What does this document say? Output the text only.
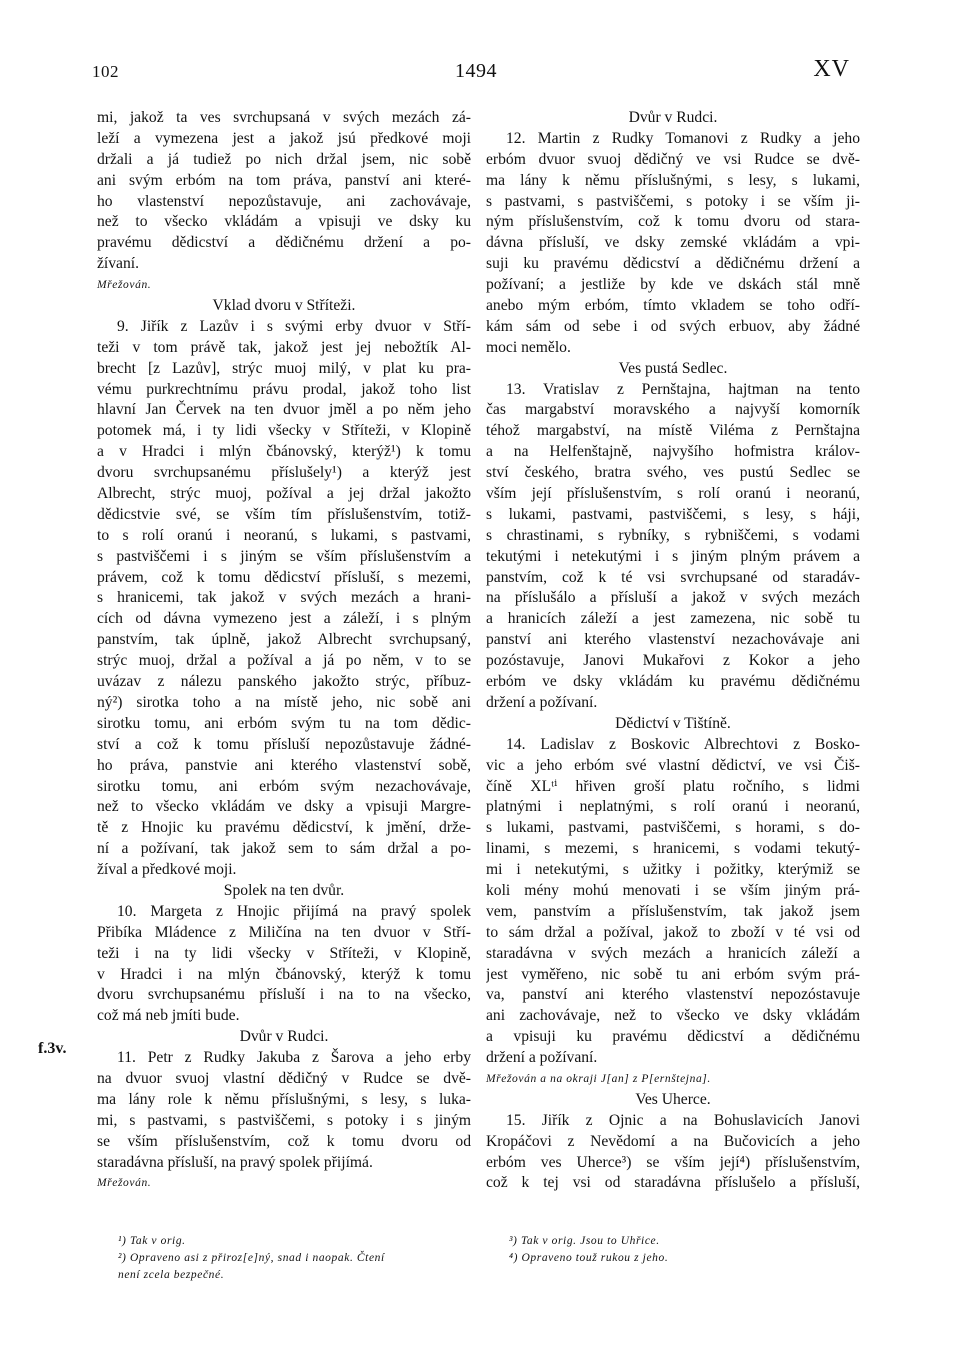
102	1494	XV
mi, jakož ta ves svrchupsaná v svých mezách zá-
leží a vymezena jest a jakož jsú předkové moji
držali a já tudiež po nich držal jsem, nic sobě
ani svým erbóm na tom práva, panství ani které-
ho vlastenství nepozůstavuje, ani zachovávaje,
než to všecko vkládám a vpisuji ve dsky ku
pravému dědicství a dědičnému držení a po-
žívaní.
Mřežován.
Vklad dvoru v Stříteži.
9. Jiřík z Lazův i s svými erby dvuor v Stří-
teži v tom právě tak, jakož jest jej nebožtík Al-
brecht [z Lazův], strýc muoj milý, v plat ku pra-
vému purkrechtnímu právu prodal, jakož toho list
hlavní Jan Červek na ten dvuor jměl a po něm jeho
potomek má, i ty lidi všecky v Stříteži, v Klopině
a v Hradci i mlýn čbánovský, kterýž¹) k tomu
dvoru svrchupsanému příslušely¹) a kterýž jest
Albrecht, strýc muoj, požíval a jej držal jakožto
dědicstvie své, se vším tím příslušenstvím, totiž-
to s rolí oranú i neoranú, s lukami, s pastvami,
s pastviščemi i s jiným se vším příslušenstvím a
právem, což k tomu dědicství přísluší, s mezemi,
s hranicemi, tak jakož v svých mezách a hrani-
cích od dávna vymezeno jest a záleží, i s plným
panstvím, tak úplně, jakož Albrecht svrchupsaný,
strýc muoj, držal a požíval a já po něm, v to se
uvázav z nálezu panského jakožto strýc, příbuz-
ný²) sirotka toho a na místě jeho, nic sobě ani
sirotku tomu, ani erbóm svým tu na tom dědic-
ství a což k tomu přísluší nepozůstavuje žádné-
ho práva, panstvie ani kterého vlastenství sobě,
sirotku tomu, ani erbóm svým nezachovávaje,
než to všecko vkládám ve dsky a vpisuji Margre-
tě z Hnojic ku pravému dědicství, k jmění, drže-
ní a požívaní, tak jakož sem to sám držal a po-
žíval a předkové moji.
Spolek na ten dvůr.
10. Margeta z Hnojic přijímá na pravý spolek
Přibíka Mládence z Miličína na ten dvuor v Stří-
teži i na ty lidi všecky v Stříteži, v Klopině,
v Hradci i na mlýn čbánovský, kterýž k tomu
dvoru svrchupsanému přísluší i na to na všecko,
což má neb jmíti bude.
Dvůr v Rudci.
11. Petr z Rudky Jakuba z Šarova a jeho erby
na dvuor svuoj vlastní dědičný v Rudce se dvě-
ma lány role k němu příslušnými, s lesy, s luka-
mi, s pastvami, s pastviščemi, s potoky i s jiným
se vším příslušenstvím, což k tomu dvoru od
staradávna přísluší, na pravý spolek přijímá.
Mřežován.
Dvůr v Rudci.
12. Martin z Rudky Tomanovi z Rudky a jeho
erbóm dvuor svuoj dědičný ve vsi Rudce se dvě-
ma lány k němu příslušnými, s lesy, s lukami,
s pastvami, s pastviščemi, s potoky i se vším ji-
ným příslušenstvím, což k tomu dvoru od stara-
dávna přísluší, ve dsky zemské vkládám a vpi-
suji ku pravému dědicství a dědičnému držení a
požívaní; a jestliže by kde ve dskách stál mně
anebo mým erbóm, tímto vkladem se toho odří-
kám sám od sebe i od svých erbuov, aby žádné
moci nemělo.
Ves pustá Sedlec.
13. Vratislav z Pernštajna, hajtman na tento
čas margabství moravského a najvyší komorník
téhož margabství, na místě Viléma z Pernštajna
a na Helfenštajně, najvyšího hofmistra králov-
ství českého, bratra svého, ves pustú Sedlec se
vším její příslušenstvím, s rolí oranú i neoranú,
s lukami, pastvami, pastviščemi, s lesy, s háji,
s chrastinami, s rybníky, s rybniščemi, s vodami
tekutými i netekutými i s jiným plným právem a
panstvím, což k té vsi svrchupsané od staradáv-
na příslušálo a přísluší a jakož v svých mezách
a hranicích záleží a jest zamezena, nic sobě tu
panství ani kterého vlastenství nezachovávaje ani
pozóstavuje, Janovi Mukařovi z Kokor a jeho
erbóm ve dsky vkládám ku pravému dědičnému
držení a požívaní.
Dědictví v Tištíně.
14. Ladislav z Boskovic Albrechtovi z Bosko-
vic a jeho erbóm své vlastní dědictví, ve vsi Čiš-
číně XLᵗⁱ hřiven groší platu ročního, s lidmi
platnými i neplatnými, s rolí oranú i neoranú,
s lukami, pastvami, pastviščemi, s horami, s do-
linami, s mezemi, s hranicemi, s vodami tekutý-
mi i netekutými, s užitky i požitky, kterýmiž se
koli mény mohú menovati i se vším jiným prá-
vem, panstvím a příslušenstvím, tak jakož jsem
to sám držal a požíval, jakož to zboží v té vsi od
staradávna v svých mezách a hranicích záleží a
jest vyměřeno, nic sobě tu ani erbóm svým prá-
va, panství ani kterého vlastenství nepozóstavuje
ani zachovávaje, než to všecko ve dsky vkládám
a vpisuji ku pravému dědicství a dědičnému
držení a požívaní.
Mřežován a na okraji J[an] z P[ernštejna].
Ves Uherce.
15. Jiřík z Ojnic a na Bohuslavicích Janovi
Kropáčovi z Nevědomí a na Bučovicích a jeho
erbóm ves Uherce³) se vším její⁴) příslušenstvím,
což k tej vsi od staradávna příslušelo a přísluší,
f.3v.
¹) Tak v orig.
²) Opraveno asi z přiroz[e]ný, snad i naopak. Čtení
není zcela bezpečné.
³) Tak v orig. Jsou to Uhřice.
⁴) Opraveno touž rukou z jeho.
